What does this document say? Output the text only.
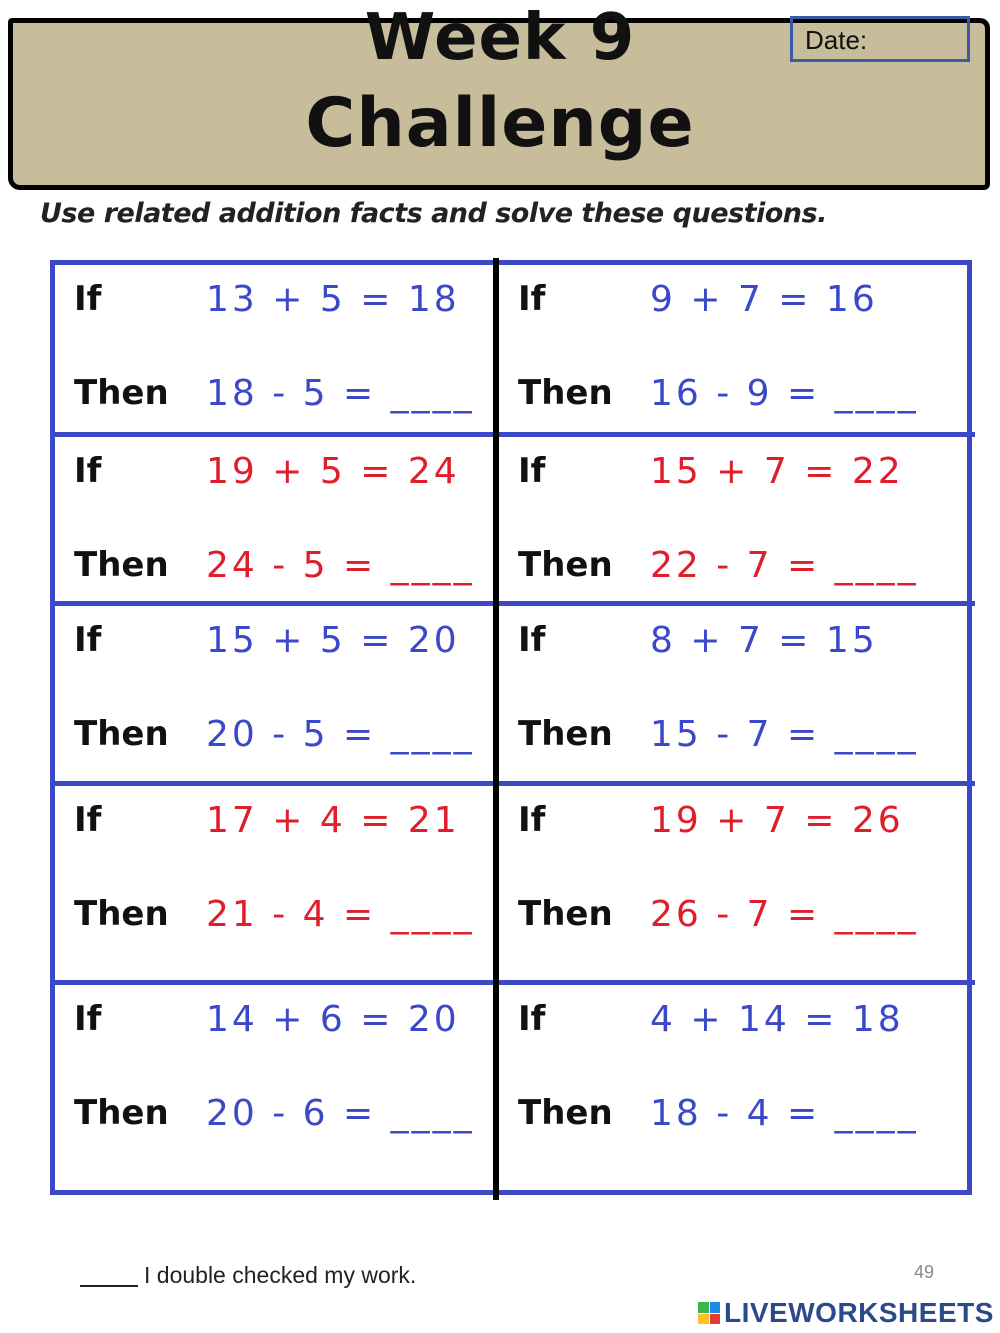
Week 9
Challenge
Date:
Use related addition facts and solve these questions.
If	13 + 5 = 18
Then 18 - 5 = ____
If	9 + 7 = 16
Then 16 - 9 = ____
If	19 + 5 = 24
Then 24 - 5 = ____
If	15 + 7 = 22
Then 22 - 7 = ____
If	15 + 5 = 20
Then 20 - 5 = ____
If	8 + 7 = 15
Then 15 - 7 = ____
If	17 + 4 = 21
Then 21 - 4 = ____
If	19 + 7 = 26
Then 26 - 7 = ____
If	14 + 6 = 20
Then 20 - 6 = ____
If	4 + 14 = 18
Then 18 - 4 = ____
I double checked my work.	49
LIVEWORKSHEETS
